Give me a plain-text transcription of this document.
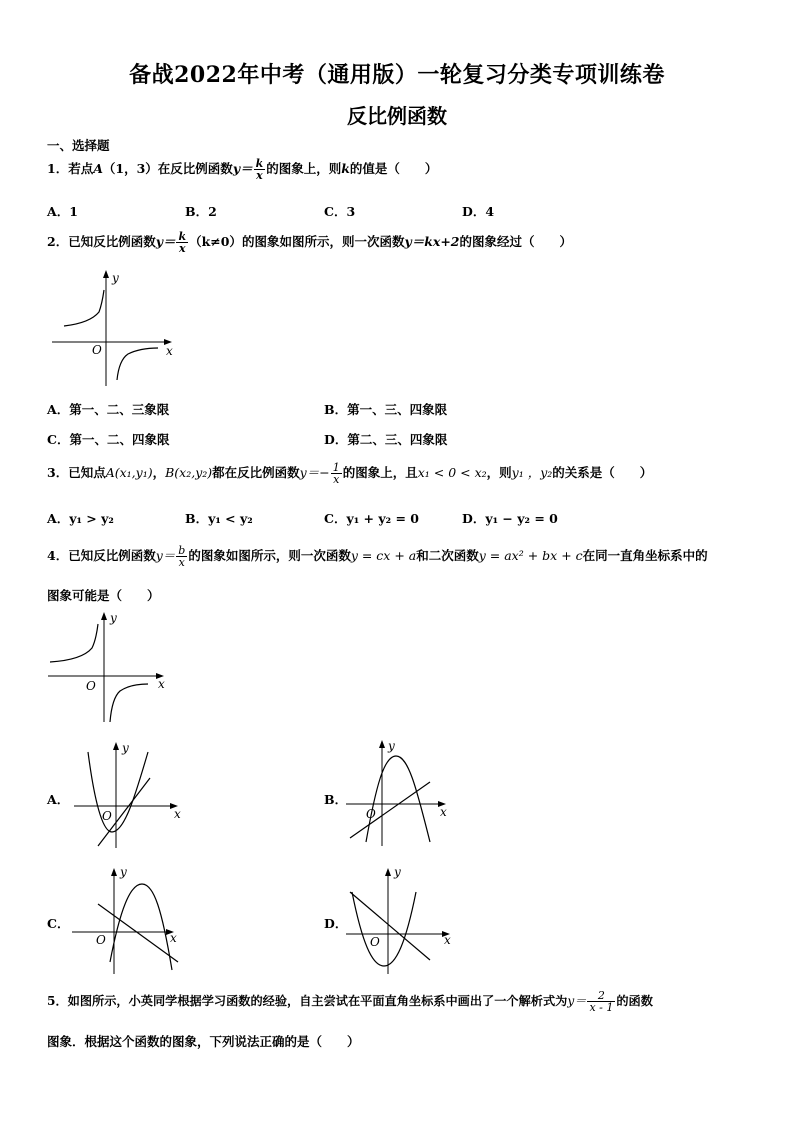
备战2022年中考（通用版）一轮复习分类专项训练卷
反比例函数
一、选择题
1．若点A（1，3）在反比例函数$y= \frac{k}{x}$ 的图象上，则k的值是（　　）
A．1	B．2	C．3	D．4
2．已知反比例函数$y= \frac{k}{x} (k\ne 0)$的图象如图所示，则一次函数y＝kx+2的图象经过（　　）
y
x
O
A．第一、二、三象限	B．第一、三、四象限
C．第一、二、四象限	D．第二、三、四象限
3．已知点A(x₁,y₁)，B(x₂,y₂)都在反比例函数$y=- \frac{1}{x}$ 的图象上，且x₁ < 0 < x₂，则y₁ ，y₂的关系是（　　）
A．y₁ > y₂	B．y₁ < y₂	C．y₁ + y₂ = 0	D．y₁ − y₂ = 0
4．已知反比例函数$y= \frac{b}{x}$ 的图象如图所示，则一次函数y = cx + a和二次函数y = ax² + bx + c在同一直角坐标系中的
图象可能是（　　）
y
x
O
A．
y
x
O
B．
y
x
O
C．
y
x
O
D．
y
x
O
5．如图所示，小英同学根据学习函数的经验，自主尝试在平面直角坐标系中画出了一个解析式为$y= \frac{2}{x - 1}$ 的函数
图象．根据这个函数的图象，下列说法正确的是（　　）
